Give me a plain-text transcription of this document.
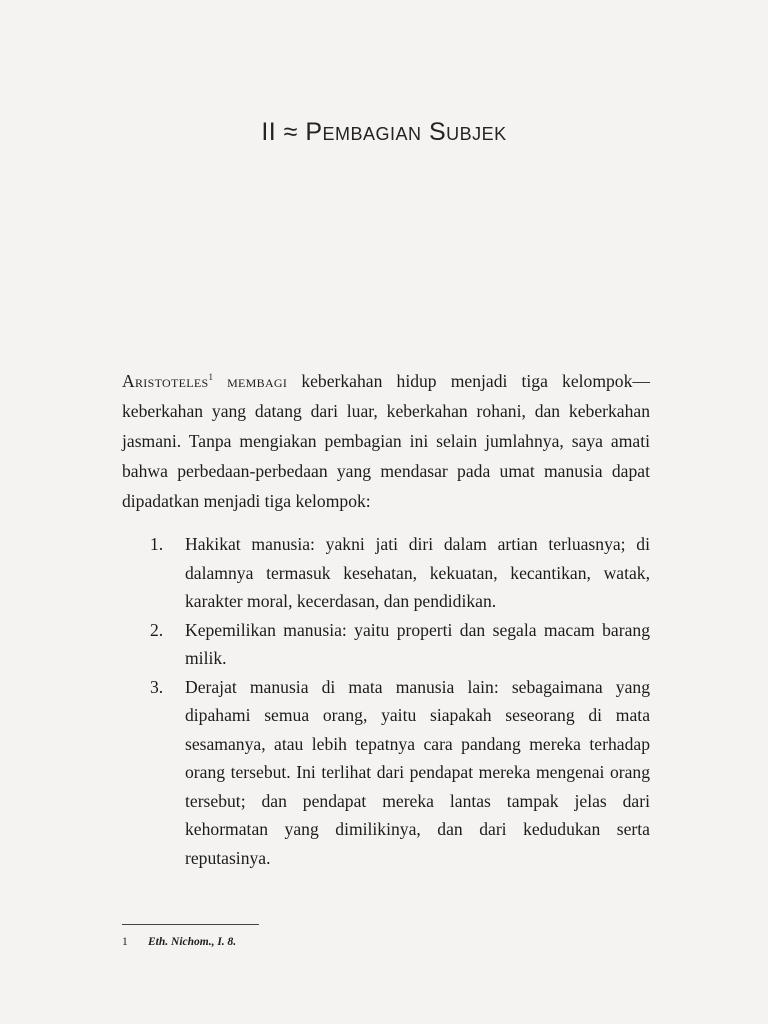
II ≈ Pembagian Subjek

Aristoteles$^1$ membagi keberkahan hidup menjadi tiga kelompok— keberkahan yang datang dari luar, keberkahan rohani, dan keberkahan jasmani. Tanpa mengiakan pembagian ini selain jumlahnya, saya amati bahwa perbedaan-perbedaan yang mendasar pada umat manusia dapat dipadatkan menjadi tiga kelompok:

1. Hakikat manusia: yakni jati diri dalam artian terluasnya; di dalamnya termasuk kesehatan, kekuatan, kecantikan, watak, karakter moral, kecerdasan, dan pendidikan.
2. Kepemilikan manusia: yaitu properti dan segala macam barang milik.
3. Derajat manusia di mata manusia lain: sebagaimana yang dipahami semua orang, yaitu siapakah seseorang di mata sesamanya, atau lebih tepatnya cara pandang mereka terhadap orang tersebut. Ini terlihat dari pendapat mereka mengenai orang tersebut; dan pendapat mereka lantas tampak jelas dari kehormatan yang dimilikinya, dan dari kedudukan serta reputasinya.
1 Eth. Nichom., I. 8.
